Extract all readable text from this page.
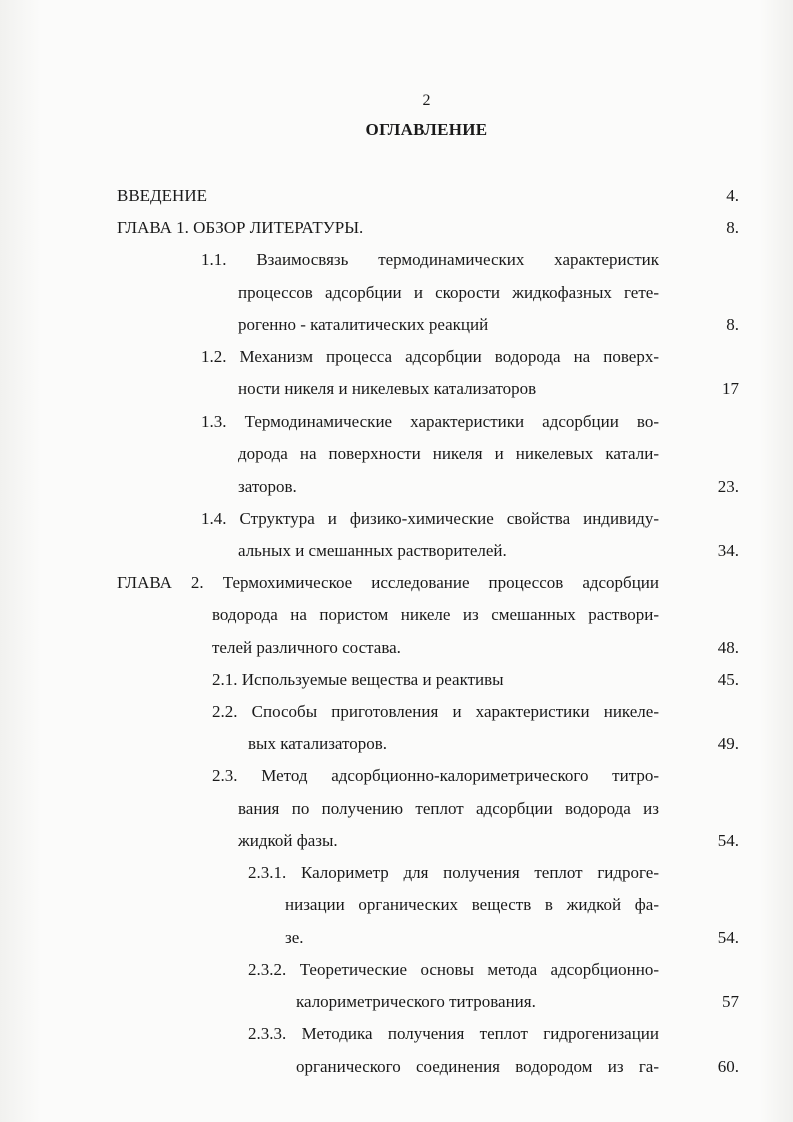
2
ОГЛАВЛЕНИЕ
ВВЕДЕНИЕ	4.
ГЛАВА 1. ОБЗОР ЛИТЕРАТУРЫ.	8.
1.1. Взаимосвязь термодинамических характеристик
процессов адсорбции и скорости жидкофазных гете-
рогенно - каталитических реакций	8.
1.2. Механизм процесса адсорбции водорода на поверх-
ности никеля и никелевых катализаторов	17
1.3. Термодинамические характеристики адсорбции во-
дорода на поверхности никеля и никелевых катали-
заторов.	23.
1.4. Структура и физико-химические свойства индивиду-
альных и смешанных растворителей.	34.
ГЛАВА 2. Термохимическое исследование процессов адсорбции
водорода на пористом никеле из смешанных раствори-
телей различного состава.	48.
2.1. Используемые вещества и реактивы	45.
2.2. Способы приготовления и характеристики никеле-
вых катализаторов.	49.
2.3. Метод адсорбционно-калориметрического титро-
вания по получению теплот адсорбции водорода из
жидкой фазы.	54.
2.3.1. Калориметр для получения теплот гидроге-
низации органических веществ в жидкой фа-
зе.	54.
2.3.2. Теоретические основы метода адсорбционно-
калориметрического титрования.	57
2.3.3. Методика получения теплот гидрогенизации
органического соединения водородом из га-	60.
